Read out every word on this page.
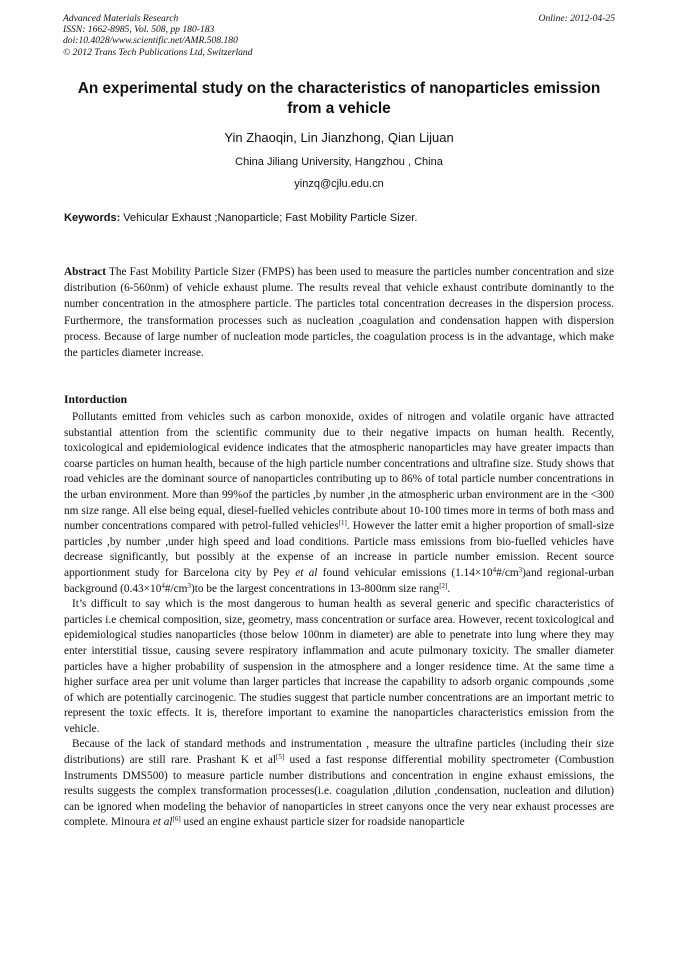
Advanced Materials Research
ISSN: 1662-8985, Vol. 508, pp 180-183
doi:10.4028/www.scientific.net/AMR.508.180
© 2012 Trans Tech Publications Ltd, Switzerland
Online: 2012-04-25
An experimental study on the characteristics of nanoparticles emission from a vehicle
Yin Zhaoqin, Lin Jianzhong, Qian Lijuan
China Jiliang University, Hangzhou , China
yinzq@cjlu.edu.cn
Keywords: Vehicular Exhaust ;Nanoparticle; Fast Mobility Particle Sizer.
Abstract The Fast Mobility Particle Sizer (FMPS) has been used to measure the particles number concentration and size distribution (6-560nm) of vehicle exhaust plume. The results reveal that vehicle exhaust contribute dominantly to the number concentration in the atmosphere particle. The particles total concentration decreases in the dispersion process. Furthermore, the transformation processes such as nucleation ,coagulation and condensation happen with dispersion process. Because of large number of nucleation mode particles, the coagulation process is in the advantage, which make the particles diameter increase.
Intorduction

Pollutants emitted from vehicles such as carbon monoxide, oxides of nitrogen and volatile organic have attracted substantial attention from the scientific community due to their negative impacts on human health. Recently, toxicological and epidemiological evidence indicates that the atmospheric nanoparticles may have greater impacts than coarse particles on human health, because of the high particle number concentrations and ultrafine size. Study shows that road vehicles are the dominant source of nanoparticles contributing up to 86% of total particle number concentrations in the urban environment. More than 99%of the particles ,by number ,in the atmospheric urban environment are in the <300 nm size range. All else being equal, diesel-fuelled vehicles contribute about 10-100 times more in terms of both mass and number concentrations compared with petrol-fulled vehicles[1]. However the latter emit a higher proportion of small-size particles ,by number ,under high speed and load conditions. Particle mass emissions from bio-fuelled vehicles have decrease significantly, but possibly at the expense of an increase in particle number emission. Recent source apportionment study for Barcelona city by Pey et al found vehicular emissions $(1.14\times 10^4\#/cm^3)and$ regional-urban background $(0.43\times 10^4\#/cm^3)to$ be the largest concentrations in 13-800nm size rang[2].

It’s difficult to say which is the most dangerous to human health as several generic and specific characteristics of particles i.e chemical composition, size, geometry, mass concentration or surface area. However, recent toxicological and epidemiological studies nanoparticles (those below 100nm in diameter) are able to penetrate into lung where they may enter interstitial tissue, causing severe respiratory inflammation and acute pulmonary toxicity. The smaller diameter particles have a higher probability of suspension in the atmosphere and a longer residence time. At the same time a higher surface area per unit volume than larger particles that increase the capability to adsorb organic compounds ,some of which are potentially carcinogenic. The studies suggest that particle number concentrations are an important metric to represent the toxic effects. It is, therefore important to examine the nanoparticles characteristics emission from the vehicle.

Because of the lack of standard methods and instrumentation , measure the ultrafine particles (including their size distributions) are still rare. Prashant K et al[5] used a fast response differential mobility spectrometer (Combustion Instruments DMS500) to measure particle number distributions and concentration in engine exhaust emissions, the results suggests the complex transformation processes(i.e. coagulation ,dilution ,condensation, nucleation and dilution) can be ignored when modeling the behavior of nanoparticles in street canyons once the very near exhaust processes are complete. Minoura et al[6] used an engine exhaust particle sizer for roadside nanoparticle
